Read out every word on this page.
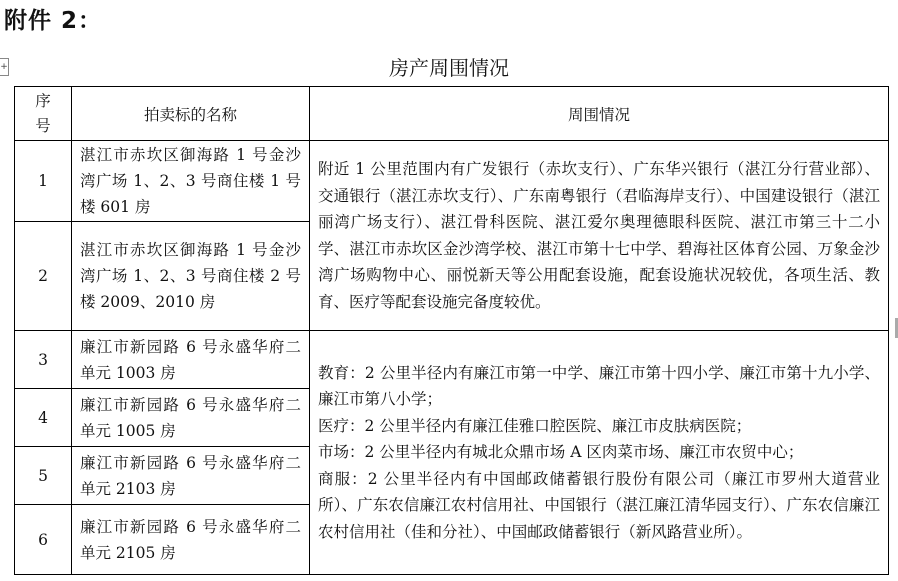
附件 2：
+	房产周围情况
序号	拍卖标的名称	周围情况
1	湛江市赤坎区御海路 1 号金沙湾广场 1、2、3 号商住楼 1 号楼 601 房	附近 1 公里范围内有广发银行（赤坎支行）、广东华兴银行（湛江分行营业部）、交通银行（湛江赤坎支行）、广东南粤银行（君临海岸支行）、中国建设银行（湛江丽湾广场支行）、湛江骨科医院、湛江爱尔奥理德眼科医院、湛江市第三十二小学、湛江市赤坎区金沙湾学校、湛江市第十七中学、碧海社区体育公园、万象金沙湾广场购物中心、丽悦新天等公用配套设施，配套设施状况较优，各项生活、教育、医疗等配套设施完备度较优。
2	湛江市赤坎区御海路 1 号金沙湾广场 1、2、3 号商住楼 2 号楼 2009、2010 房	
3	廉江市新园路 6 号永盛华府二单元 1003 房	教育：2 公里半径内有廉江市第一中学、廉江市第十四小学、廉江市第十九小学、廉江市第八小学；
医疗：2 公里半径内有廉江佳雅口腔医院、廉江市皮肤病医院；
市场：2 公里半径内有城北众鼎市场 A 区肉菜市场、廉江市农贸中心；
商服：2 公里半径内有中国邮政储蓄银行股份有限公司（廉江市罗州大道营业所）、广东农信廉江农村信用社、中国银行（湛江廉江清华园支行）、广东农信廉江农村信用社（佳和分社）、中国邮政储蓄银行（新风路营业所）。

4	廉江市新园路 6 号永盛华府二单元 1005 房	
5	廉江市新园路 6 号永盛华府二单元 2103 房	
6	廉江市新园路 6 号永盛华府二单元 2105 房	
